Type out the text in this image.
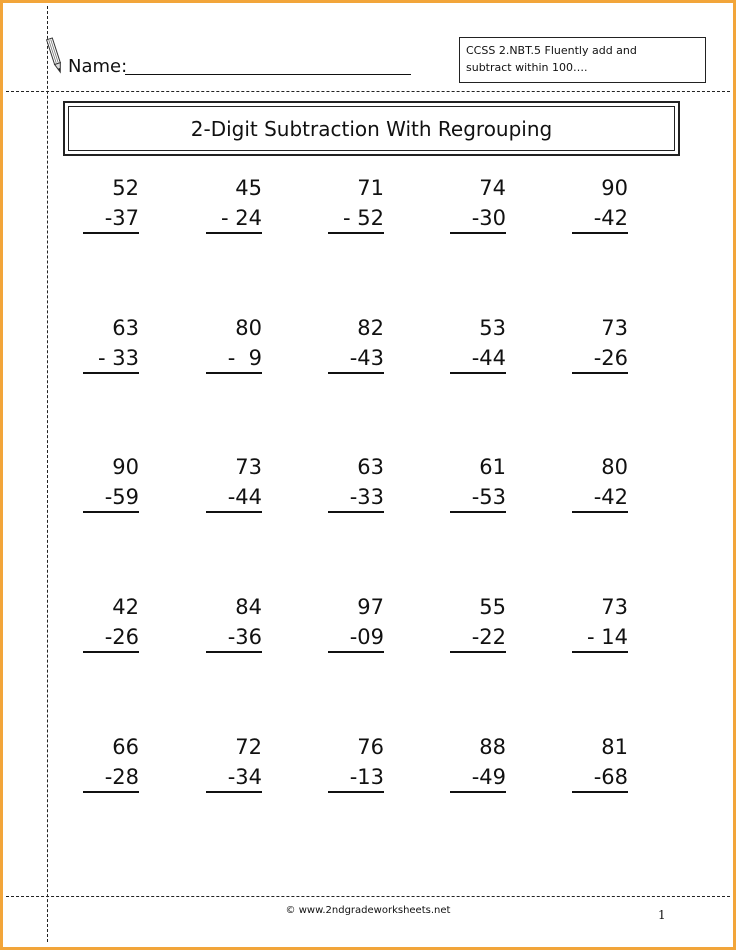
Name:
CCSS 2.NBT.5 Fluently add and
subtract within 100….
2-Digit Subtraction With Regrouping
52
-37
45
- 24
71
- 52
74
-30
90
-42
63
- 33
80
-  9
82
-43
53
-44
73
-26
90
-59
73
-44
63
-33
61
-53
80
-42
42
-26
84
-36
97
-09
55
-22
73
- 14
66
-28
72
-34
76
-13
88
-49
81
-68
© www.2ndgradeworksheets.net	1
